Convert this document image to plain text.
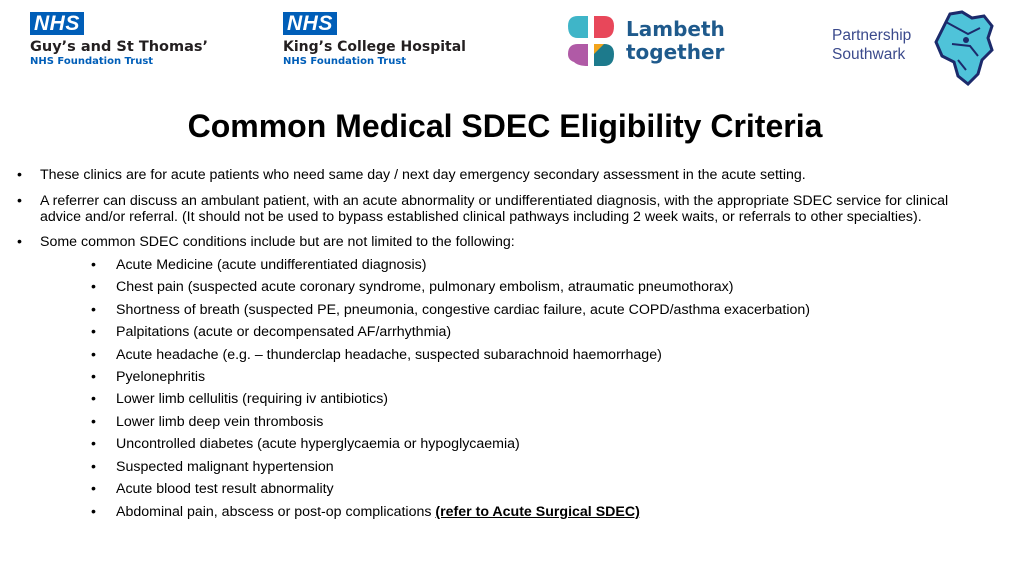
NHS
Guy’s and St Thomas’
NHS Foundation Trust
NHS
King’s College Hospital
NHS Foundation Trust
Lambeth
together
Partnership
Southwark
Common Medical SDEC Eligibility Criteria
• These clinics are for acute patients who need same day / next day emergency secondary assessment in the acute setting.
• A referrer can discuss an ambulant patient, with an acute abnormality or undifferentiated diagnosis, with the appropriate SDEC service for clinical advice and/or referral. (It should not be used to bypass established clinical pathways including 2 week waits, or referrals to other specialties).
• Some common SDEC conditions include but are not limited to the following:
• Acute Medicine (acute undifferentiated diagnosis)
• Chest pain (suspected acute coronary syndrome, pulmonary embolism, atraumatic pneumothorax)
• Shortness of breath (suspected PE, pneumonia, congestive cardiac failure, acute COPD/asthma exacerbation)
• Palpitations (acute or decompensated AF/arrhythmia)
• Acute headache (e.g. – thunderclap headache, suspected subarachnoid haemorrhage)
• Pyelonephritis
• Lower limb cellulitis (requiring iv antibiotics)
• Lower limb deep vein thrombosis
• Uncontrolled diabetes (acute hyperglycaemia or hypoglycaemia)
• Suspected malignant hypertension
• Acute blood test result abnormality
• Abdominal pain, abscess or post-op complications (refer to Acute Surgical SDEC)
